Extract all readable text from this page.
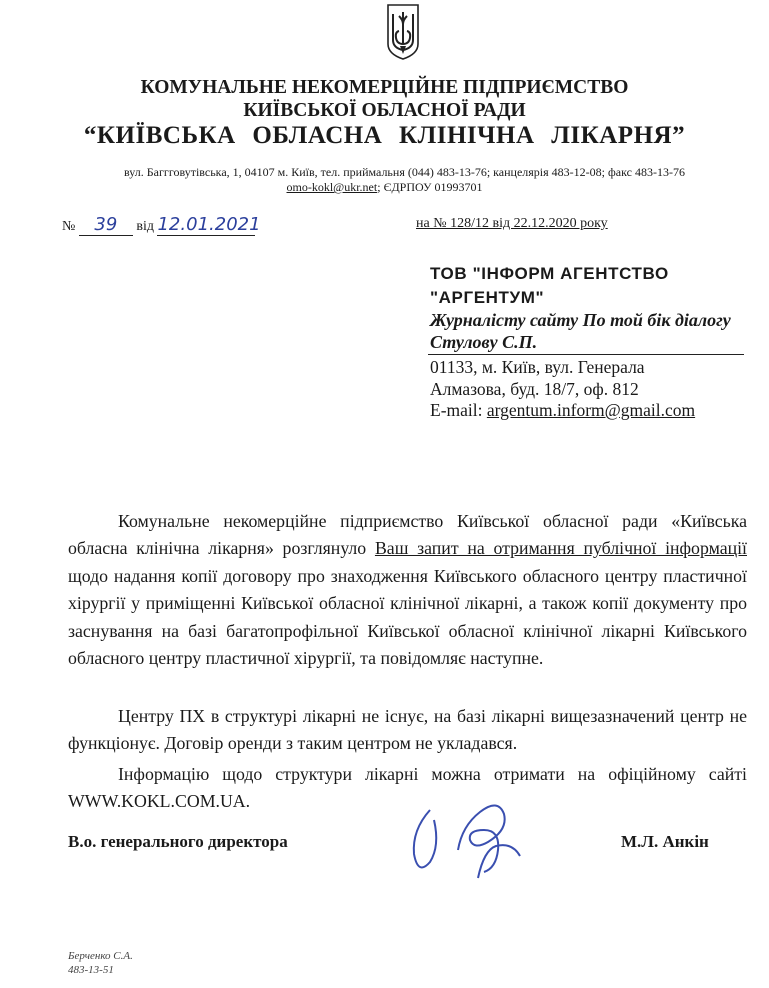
КОМУНАЛЬНЕ НЕКОМЕРЦІЙНЕ ПІДПРИЄМСТВО
КИЇВСЬКОЇ ОБЛАСНОЇ РАДИ
“КИЇВСЬКА ОБЛАСНА КЛІНІЧНА ЛІКАРНЯ”
вул. Баггговутівська, 1, 04107 м. Київ, тел. приймальня (044) 483-13-76; канцелярія 483-12-08; факс 483-13-76
omo-kokl@ukr.net; ЄДРПОУ 01993701
№ 39 від 12.01.2021	на № 128/12 від 22.12.2020 року
ТОВ "ІНФОРМ АГЕНТСТВО
"АРГЕНТУМ"
Журналісту сайту По той бік діалогу
Стулову С.П.
01133, м. Київ, вул. Генерала
Алмазова, буд. 18/7, оф. 812
E-mail: argentum.inform@gmail.com

Комунальне некомерційне підприємство Київської обласної ради «Київська обласна клінічна лікарня» розглянуло Ваш запит на отримання публічної інформації щодо надання копії договору про знаходження Київського обласного центру пластичної хірургії у приміщенні Київської обласної клінічної лікарні, а також копії документу про заснування на базі багатопрофільної Київської обласної клінічної лікарні Київського обласного центру пластичної хірургії, та повідомляє наступне.

Центру ПХ в структурі лікарні не існує, на базі лікарні вищезазначений центр не функціонує. Договір оренди з таким центром не укладався.

Інформацію щодо структури лікарні можна отримати на офіційному сайті WWW.KOKL.COM.UA.

В.о. генерального директора	М.Л. Анкін
Берченко С.А.
483-13-51
